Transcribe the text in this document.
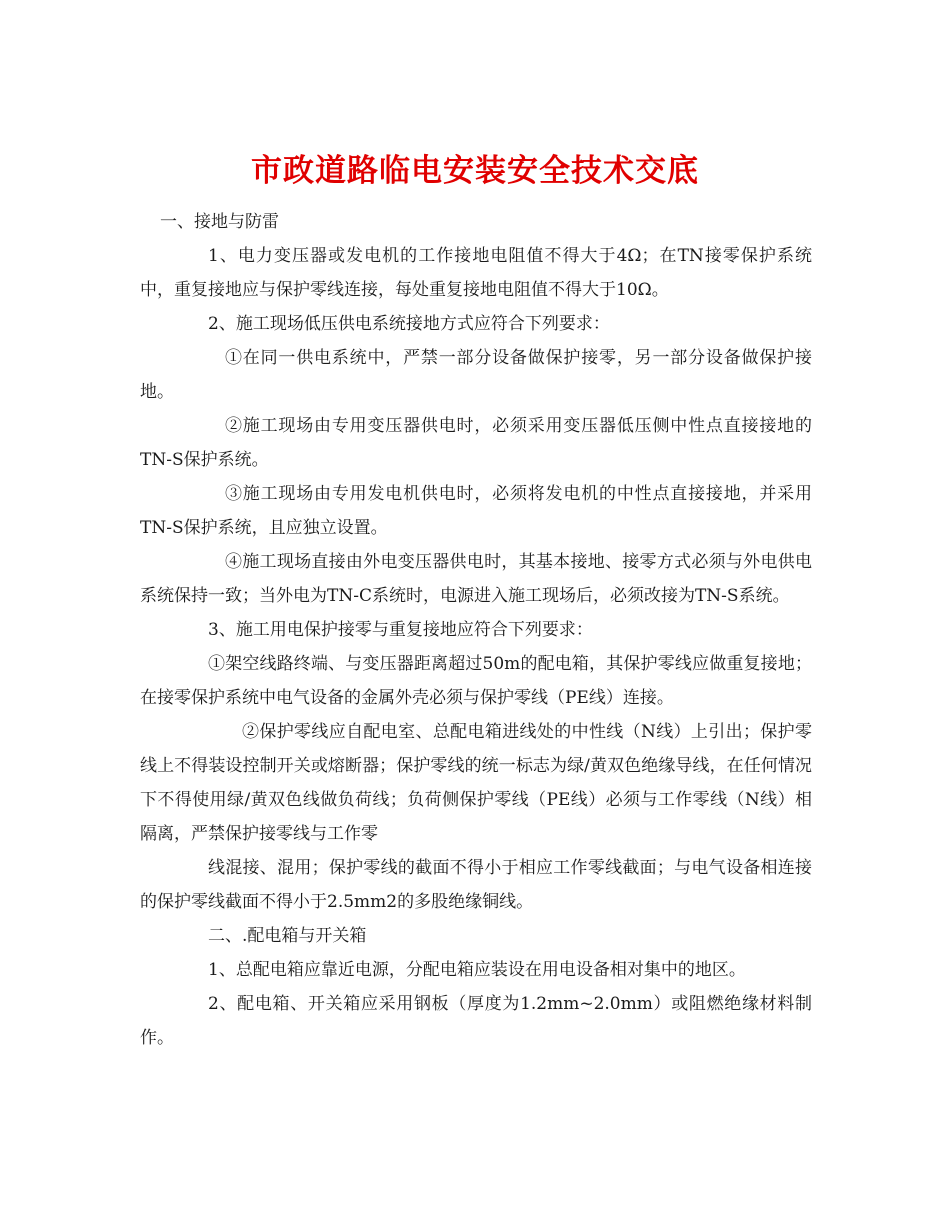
市政道路临电安装安全技术交底

一、接地与防雷

1、电力变压器或发电机的工作接地电阻值不得大于4Ω；在TN接零保护系统中，重复接地应与保护零线连接，每处重复接地电阻值不得大于10Ω。

2、施工现场低压供电系统接地方式应符合下列要求：

①在同一供电系统中，严禁一部分设备做保护接零，另一部分设备做保护接地。

②施工现场由专用变压器供电时，必须采用变压器低压侧中性点直接接地的TN-S保护系统。

③施工现场由专用发电机供电时，必须将发电机的中性点直接接地，并采用TN-S保护系统，且应独立设置。

④施工现场直接由外电变压器供电时，其基本接地、接零方式必须与外电供电系统保持一致；当外电为TN-C系统时，电源进入施工现场后，必须改接为TN-S系统。

3、施工用电保护接零与重复接地应符合下列要求：

①架空线路终端、与变压器距离超过50m的配电箱，其保护零线应做重复接地；在接零保护系统中电气设备的金属外壳必须与保护零线（PE线）连接。

②保护零线应自配电室、总配电箱进线处的中性线（N线）上引出；保护零线上不得装设控制开关或熔断器；保护零线的统一标志为绿/黄双色绝缘导线，在任何情况下不得使用绿/黄双色线做负荷线；负荷侧保护零线（PE线）必须与工作零线（N线）相隔离，严禁保护接零线与工作零

线混接、混用；保护零线的截面不得小于相应工作零线截面；与电气设备相连接的保护零线截面不得小于2.5mm2的多股绝缘铜线。

二、.配电箱与开关箱

1、总配电箱应靠近电源，分配电箱应装设在用电设备相对集中的地区。

2、配电箱、开关箱应采用钢板（厚度为1.2mm~2.0mm）或阻燃绝缘材料制作。
